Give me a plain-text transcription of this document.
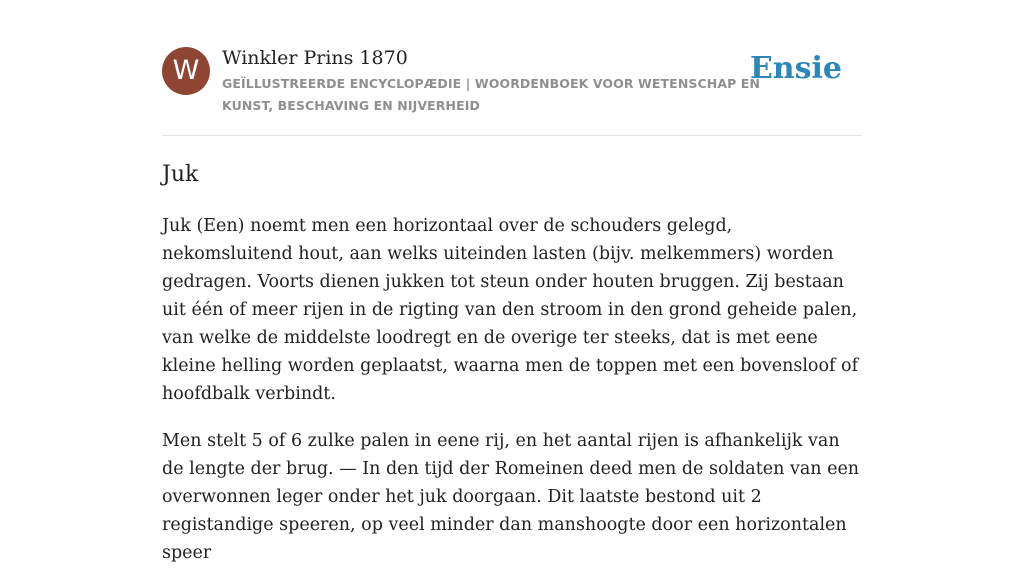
W	Winkler Prins 1870
GEÏLLUSTREERDE ENCYCLOPÆDIE | WOORDENBOEK VOOR WETENSCHAP EN KUNST, BESCHAVING EN NIJVERHEID
Ensie
Juk

Juk (Een) noemt men een horizontaal over de schouders gelegd, nekomsluitend hout, aan welks uiteinden lasten (bijv. melkemmers) worden gedragen. Voorts dienen jukken tot steun onder houten bruggen. Zij bestaan uit één of meer rijen in de rigting van den stroom in den grond geheide palen, van welke de middelste loodregt en de overige ter steeks, dat is met eene kleine helling worden geplaatst, waarna men de toppen met een bovensloof of hoofdbalk verbindt.

Men stelt 5 of 6 zulke palen in eene rij, en het aantal rijen is afhankelijk van de lengte der brug. — In den tijd der Romeinen deed men de soldaten van een overwonnen leger onder het juk doorgaan. Dit laatste bestond uit 2 registandige speeren, op veel minder dan manshoogte door een horizontalen speer
